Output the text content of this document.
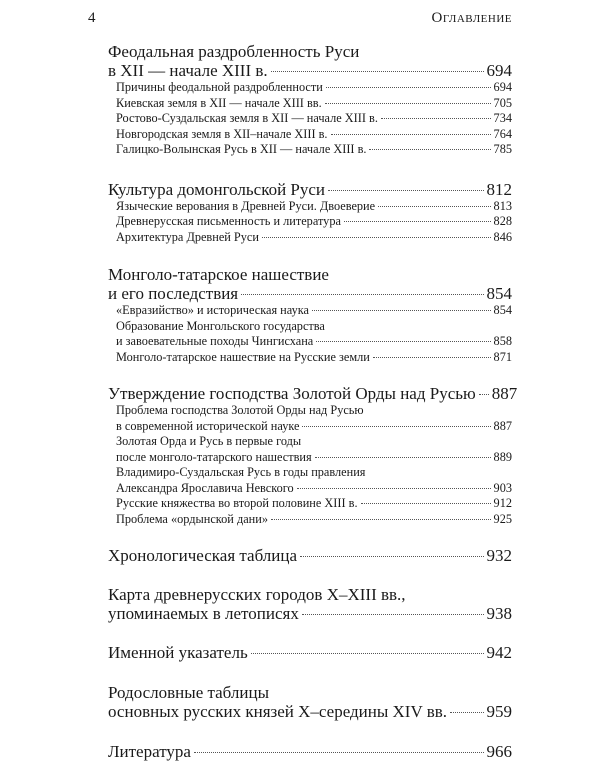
4	Оглавление
Феодальная раздробленность Руси
в XII — начале XIII в.	694
Причины феодальной раздробленности	694
Киевская земля в XII — начале XIII вв.	705
Ростово-Суздальская земля в XII — начале XIII в.	734
Новгородская земля в XII–начале XIII в.	764
Галицко-Волынская Русь в XII — начале XIII в.	785
Культура домонгольской Руси	812
Языческие верования в Древней Руси. Двоеверие	813
Древнерусская письменность и литература	828
Архитектура Древней Руси	846
Монголо-татарское нашествие
и его последствия	854
«Евразийство» и историческая наука	854
Образование Монгольского государства
и завоевательные походы Чингисхана	858
Монголо-татарское нашествие на Русские земли	871
Утверждение господства Золотой Орды над Русью 887
Проблема господства Золотой Орды над Русью
в современной исторической науке	887
Золотая Орда и Русь в первые годы
после монголо-татарского нашествия	889
Владимиро-Суздальская Русь в годы правления
Александра Ярославича Невского	903
Русские княжества во второй половине XIII в.	912
Проблема «ордынской дани»	925
Хронологическая таблица	932
Карта древнерусских городов X–XIII вв.,
упоминаемых в летописях	938
Именной указатель	942
Родословные таблицы
основных русских князей X–середины XIV вв. 959
Литература	966
